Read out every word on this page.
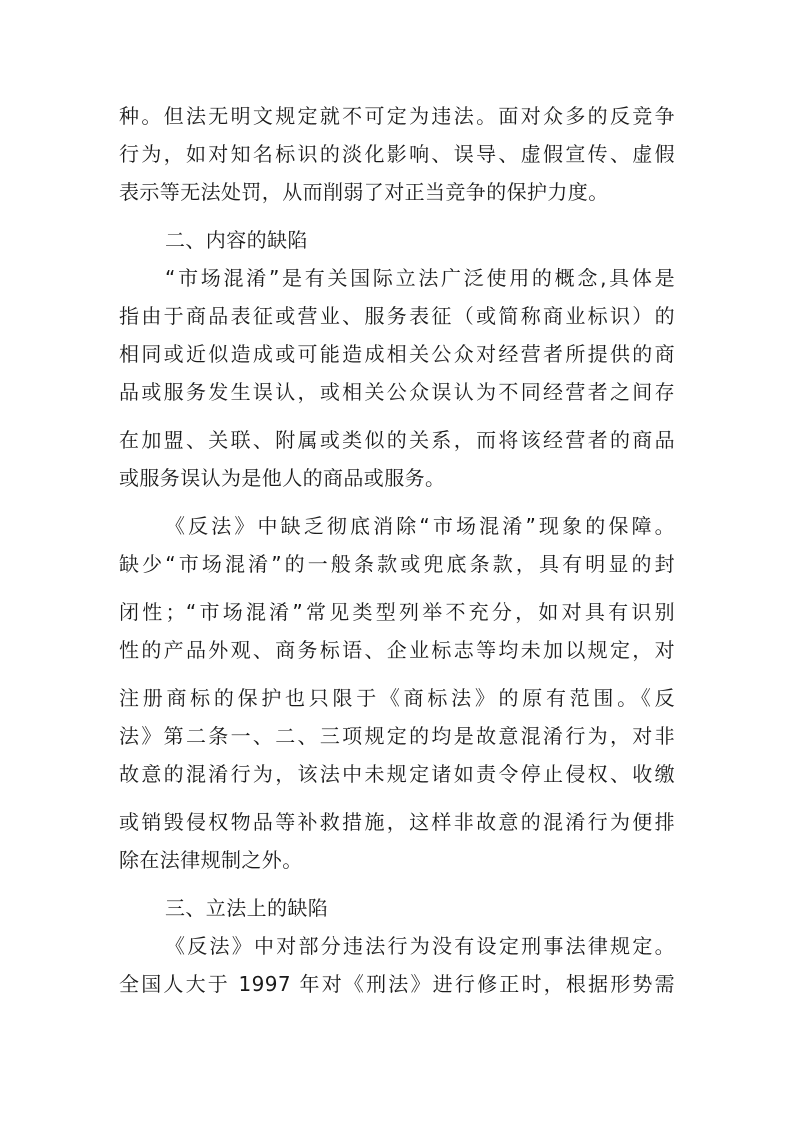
种。但法无明文规定就不可定为违法。面对众多的反竞争
行为，如对知名标识的淡化影响、误导、虚假宣传、虚假
表示等无法处罚，从而削弱了对正当竞争的保护力度。
二、内容的缺陷
“市场混淆”是有关国际立法广泛使用的概念,具体是
指由于商品表征或营业、服务表征（或简称商业标识）的
相同或近似造成或可能造成相关公众对经营者所提供的商
品或服务发生误认，或相关公众误认为不同经营者之间存
在加盟、关联、附属或类似的关系，而将该经营者的商品
或服务误认为是他人的商品或服务。
《反法》中缺乏彻底消除“市场混淆”现象的保障。
缺少“市场混淆”的一般条款或兜底条款，具有明显的封
闭性；“市场混淆”常见类型列举不充分，如对具有识别
性的产品外观、商务标语、企业标志等均未加以规定，对
注册商标的保护也只限于《商标法》的原有范围。《反
法》第二条一、二、三项规定的均是故意混淆行为，对非
故意的混淆行为，该法中未规定诸如责令停止侵权、收缴
或销毁侵权物品等补救措施，这样非故意的混淆行为便排
除在法律规制之外。
三、立法上的缺陷
《反法》中对部分违法行为没有设定刑事法律规定。
全国人大于 1997 年对《刑法》进行修正时，根据形势需
